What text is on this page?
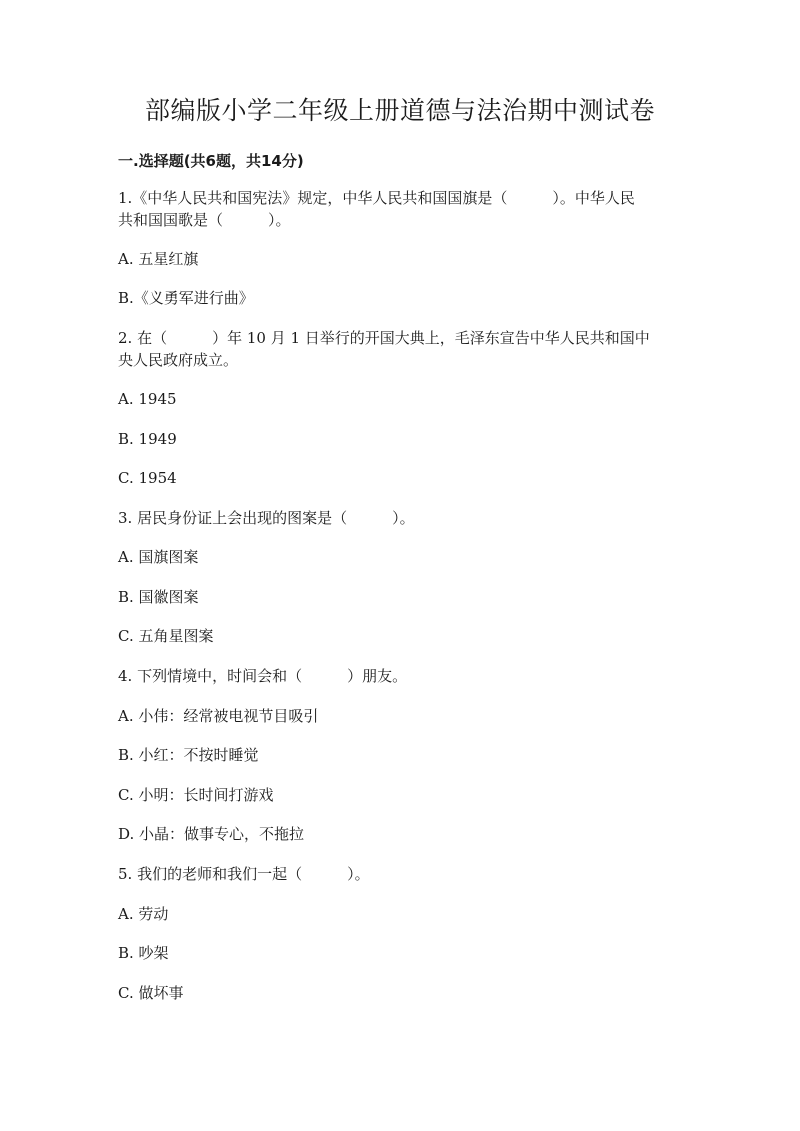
部编版小学二年级上册道德与法治期中测试卷
一.选择题(共6题，共14分)
1.《中华人民共和国宪法》规定，中华人民共和国国旗是（　　　）。中华人民
共和国国歌是（　　　）。
A. 五星红旗
B.《义勇军进行曲》
2. 在（　　　）年 10 月 1 日举行的开国大典上，毛泽东宣告中华人民共和国中
央人民政府成立。
A. 1945
B. 1949
C. 1954
3. 居民身份证上会出现的图案是（　　　）。
A. 国旗图案
B. 国徽图案
C. 五角星图案
4. 下列情境中，时间会和（　　　）朋友。
A. 小伟：经常被电视节目吸引
B. 小红：不按时睡觉
C. 小明：长时间打游戏
D. 小晶：做事专心，不拖拉
5. 我们的老师和我们一起（　　　）。
A. 劳动
B. 吵架
C. 做坏事
